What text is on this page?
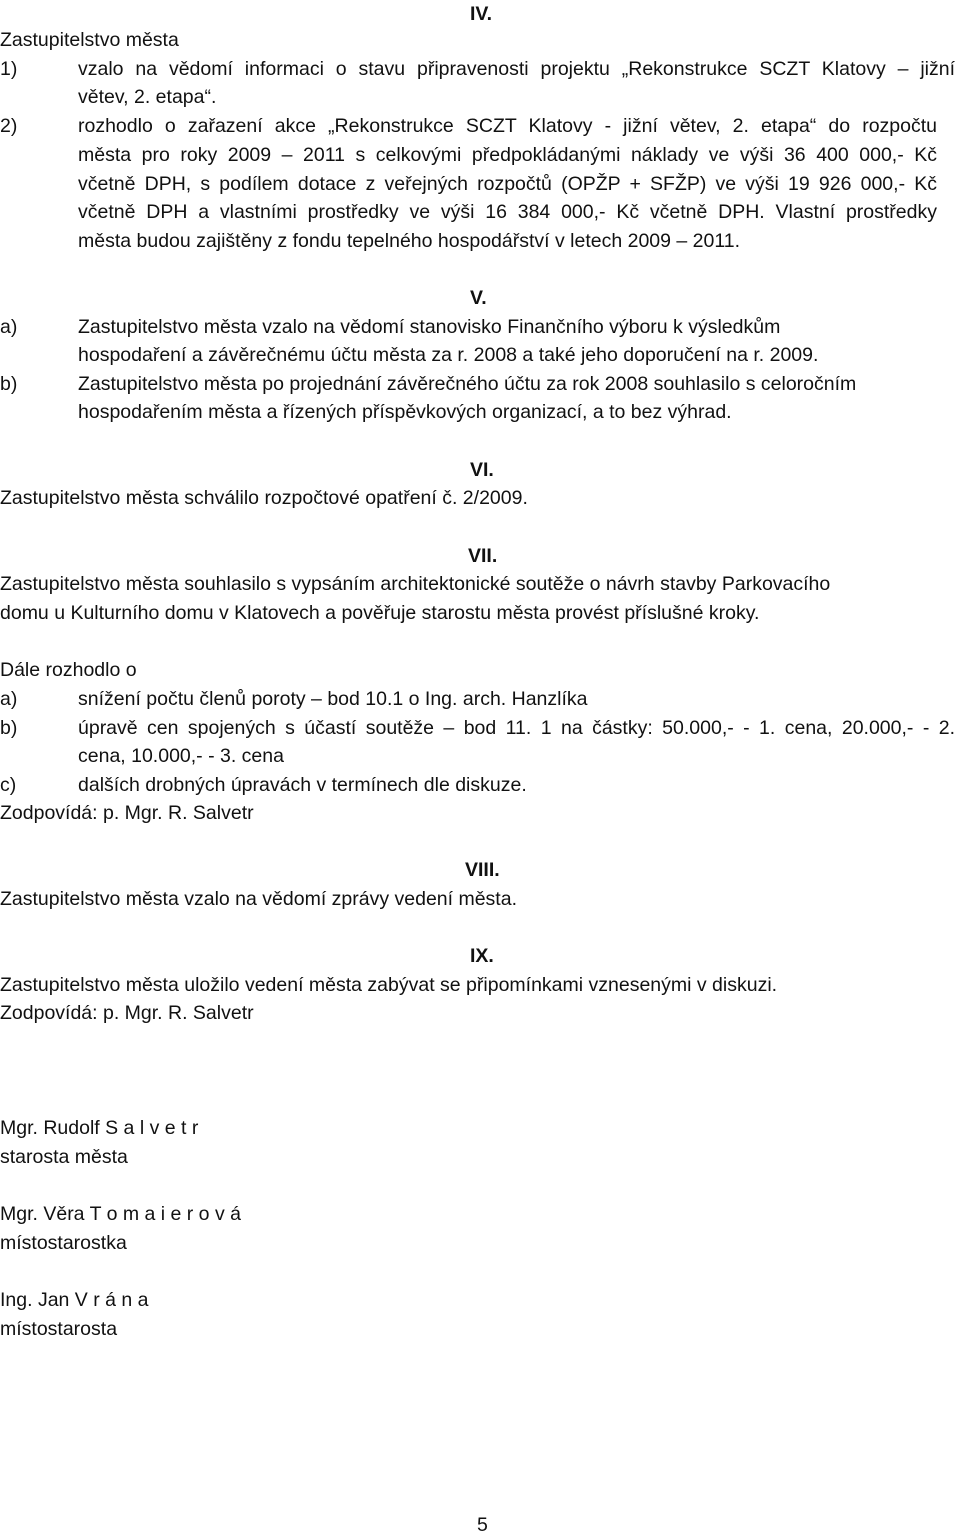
IV.
Zastupitelstvo města
1)	vzalo na vědomí informaci o stavu připravenosti projektu „Rekonstrukce SCZT Klatovy – jižní
větev, 2. etapa“.
2)	rozhodlo o zařazení akce „Rekonstrukce SCZT Klatovy - jižní větev, 2. etapa“ do rozpočtu
města pro roky 2009 – 2011 s celkovými předpokládanými náklady ve výši 36 400 000,- Kč
včetně DPH, s podílem dotace z veřejných rozpočtů (OPŽP + SFŽP) ve výši 19 926 000,- Kč
včetně DPH a vlastními prostředky ve výši 16 384 000,- Kč včetně DPH. Vlastní prostředky
města budou zajištěny z fondu tepelného hospodářství v letech 2009 – 2011.
V.
a)	Zastupitelstvo města vzalo na vědomí stanovisko Finančního výboru k výsledkům
hospodaření a závěrečnému účtu města za r. 2008 a také jeho doporučení na r. 2009.
b)	Zastupitelstvo města po projednání závěrečného účtu za rok 2008 souhlasilo s celoročním
hospodařením města a řízených příspěvkových organizací, a to bez výhrad.
VI.
Zastupitelstvo města schválilo rozpočtové opatření č. 2/2009.
VII.
Zastupitelstvo města souhlasilo s vypsáním architektonické soutěže o návrh stavby Parkovacího
domu u Kulturního domu v Klatovech a pověřuje starostu města provést příslušné kroky.
Dále rozhodlo o
a)	snížení počtu členů poroty – bod 10.1 o Ing. arch. Hanzlíka
b)	úpravě cen spojených s účastí soutěže – bod 11. 1 na částky: 50.000,- - 1. cena, 20.000,- - 2.
cena, 10.000,- - 3. cena
c)	dalších drobných úpravách v termínech dle diskuze.
Zodpovídá: p. Mgr. R. Salvetr
VIII.
Zastupitelstvo města vzalo na vědomí zprávy vedení města.
IX.
Zastupitelstvo města uložilo vedení města zabývat se připomínkami vznesenými v diskuzi.
Zodpovídá: p. Mgr. R. Salvetr
Mgr. Rudolf S a l v e t r
starosta města
Mgr. Věra T o m a i e r o v á
místostarostka
Ing. Jan V r á n a
místostarosta
5
